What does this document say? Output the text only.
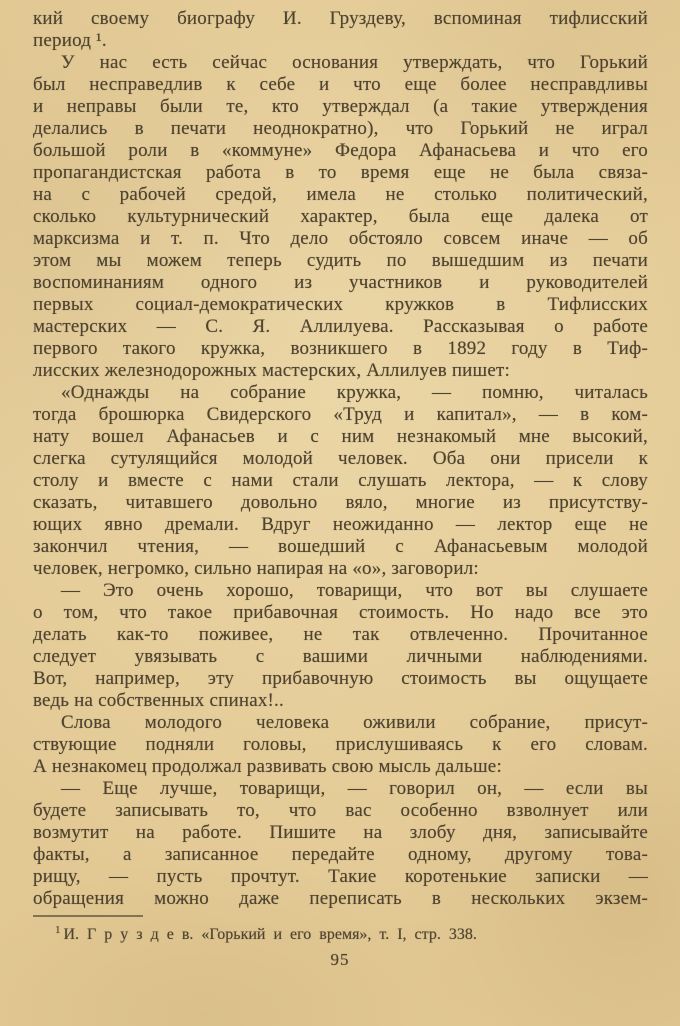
кий своему биографу И. Груздеву, вспоминая тифлисский
период ¹.
У нас есть сейчас основания утверждать, что Горький
был несправедлив к себе и что еще более несправдливы
и неправы были те, кто утверждал (а такие утверждения
делались в печати неоднократно), что Горький не играл
большой роли в «коммуне» Федора Афанасьева и что его
пропагандистская работа в то время еще не была связа-
на с рабочей средой, имела не столько политический,
сколько культурнический характер, была еще далека от
марксизма и т. п. Что дело обстояло совсем иначе — об
этом мы можем теперь судить по вышедшим из печати
воспоминаниям одного из участников и руководителей
первых социал-демократических кружков в Тифлисских
мастерских — С. Я. Аллилуева. Рассказывая о работе
первого такого кружка, возникшего в 1892 году в Тиф-
лисских железнодорожных мастерских, Аллилуев пишет:
«Однажды на собрание кружка, — помню, читалась
тогда брошюрка Свидерского «Труд и капитал», — в ком-
нату вошел Афанасьев и с ним незнакомый мне высокий,
слегка сутулящийся молодой человек. Оба они присели к
столу и вместе с нами стали слушать лектора, — к слову
сказать, читавшего довольно вяло, многие из присутству-
ющих явно дремали. Вдруг неожиданно — лектор еще не
закончил чтения, — вошедший с Афанасьевым молодой
человек, негромко, сильно напирая на «о», заговорил:
— Это очень хорошо, товарищи, что вот вы слушаете
о том, что такое прибавочная стоимость. Но надо все это
делать как-то поживее, не так отвлеченно. Прочитанное
следует увязывать с вашими личными наблюдениями.
Вот, например, эту прибавочную стоимость вы ощущаете
ведь на собственных спинах!..
Слова молодого человека оживили собрание, присут-
ствующие подняли головы, прислушиваясь к его словам.
А незнакомец продолжал развивать свою мысль дальше:
— Еще лучше, товарищи, — говорил он, — если вы
будете записывать то, что вас особенно взволнует или
возмутит на работе. Пишите на злобу дня, записывайте
факты, а записанное передайте одному, другому това-
рищу, — пусть прочтут. Такие коротенькие записки —
обращения можно даже переписать в нескольких экзем-
$^1$ И. Г р у з д е в. «Горький и его время», т. I, стр. 338.
95
